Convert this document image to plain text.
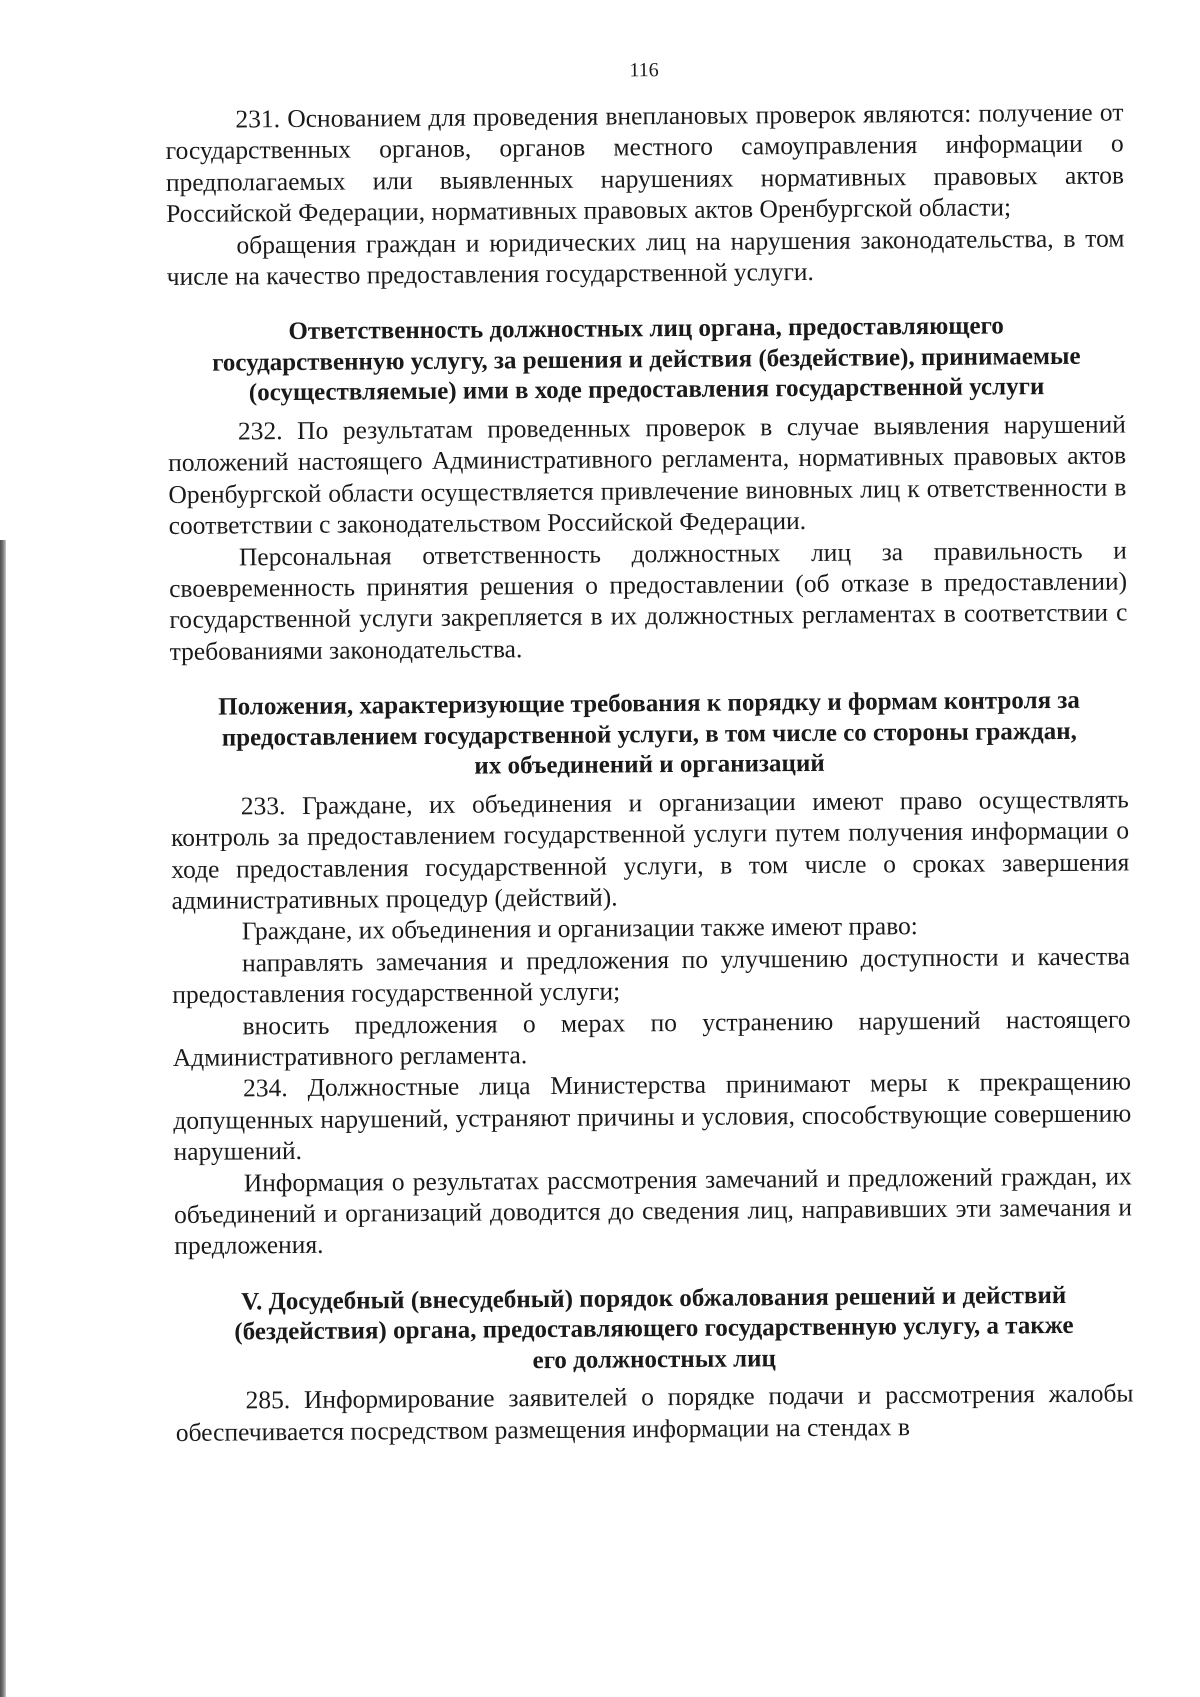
116

231. Основанием для проведения внеплановых проверок являются: получение от государственных органов, органов местного самоуправления информации о предполагаемых или выявленных нарушениях нормативных правовых актов Российской Федерации, нормативных правовых актов Оренбургской области;

обращения граждан и юридических лиц на нарушения законодательства, в том числе на качество предоставления государственной услуги.

Ответственность должностных лиц органа, предоставляющего государственную услугу, за решения и действия (бездействие), принимаемые (осуществляемые) ими в ходе предоставления государственной услуги

232. По результатам проведенных проверок в случае выявления нарушений положений настоящего Административного регламента, нормативных правовых актов Оренбургской области осуществляется привлечение виновных лиц к ответственности в соответствии с законодательством Российской Федерации.

Персональная ответственность должностных лиц за правильность и своевременность принятия решения о предоставлении (об отказе в предоставлении) государственной услуги закрепляется в их должностных регламентах в соответствии с требованиями законодательства.

Положения, характеризующие требования к порядку и формам контроля за предоставлением государственной услуги, в том числе со стороны граждан, их объединений и организаций

233. Граждане, их объединения и организации имеют право осуществлять контроль за предоставлением государственной услуги путем получения информации о ходе предоставления государственной услуги, в том числе о сроках завершения административных процедур (действий).

Граждане, их объединения и организации также имеют право:

направлять замечания и предложения по улучшению доступности и качества предоставления государственной услуги;

вносить предложения о мерах по устранению нарушений настоящего Административного регламента.

234. Должностные лица Министерства принимают меры к прекращению допущенных нарушений, устраняют причины и условия, способствующие совершению нарушений.

Информация о результатах рассмотрения замечаний и предложений граждан, их объединений и организаций доводится до сведения лиц, направивших эти замечания и предложения.

V. Досудебный (внесудебный) порядок обжалования решений и действий (бездействия) органа, предоставляющего государственную услугу, а также его должностных лиц

285. Информирование заявителей о порядке подачи и рассмотрения жалобы обеспечивается посредством размещения информации на стендах в
